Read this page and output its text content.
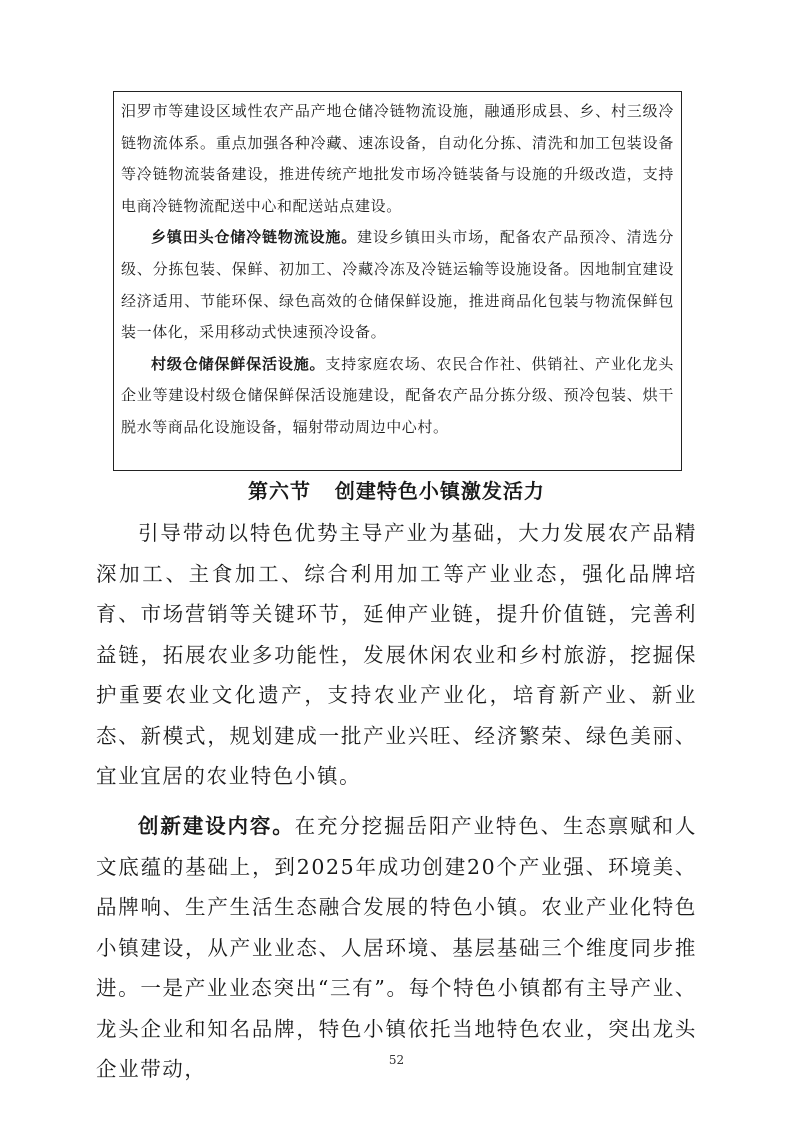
汨罗市等建设区域性农产品产地仓储冷链物流设施，融通形成县、乡、村三级冷链物流体系。重点加强各种冷藏、速冻设备，自动化分拣、清洗和加工包装设备等冷链物流装备建设，推进传统产地批发市场冷链装备与设施的升级改造，支持电商冷链物流配送中心和配送站点建设。

乡镇田头仓储冷链物流设施。建设乡镇田头市场，配备农产品预冷、清选分级、分拣包装、保鲜、初加工、冷藏冷冻及冷链运输等设施设备。因地制宜建设经济适用、节能环保、绿色高效的仓储保鲜设施，推进商品化包装与物流保鲜包装一体化，采用移动式快速预冷设备。

村级仓储保鲜保活设施。支持家庭农场、农民合作社、供销社、产业化龙头企业等建设村级仓储保鲜保活设施建设，配备农产品分拣分级、预冷包装、烘干脱水等商品化设施设备，辐射带动周边中心村。

第六节   创建特色小镇激发活力

引导带动以特色优势主导产业为基础，大力发展农产品精深加工、主食加工、综合利用加工等产业业态，强化品牌培育、市场营销等关键环节，延伸产业链，提升价值链，完善利益链，拓展农业多功能性，发展休闲农业和乡村旅游，挖掘保护重要农业文化遗产，支持农业产业化，培育新产业、新业态、新模式，规划建成一批产业兴旺、经济繁荣、绿色美丽、宜业宜居的农业特色小镇。

创新建设内容。在充分挖掘岳阳产业特色、生态禀赋和人文底蕴的基础上，到2025年成功创建20个产业强、环境美、品牌响、生产生活生态融合发展的特色小镇。农业产业化特色小镇建设，从产业业态、人居环境、基层基础三个维度同步推进。一是产业业态突出“三有”。每个特色小镇都有主导产业、龙头企业和知名品牌，特色小镇依托当地特色农业，突出龙头企业带动，	52
